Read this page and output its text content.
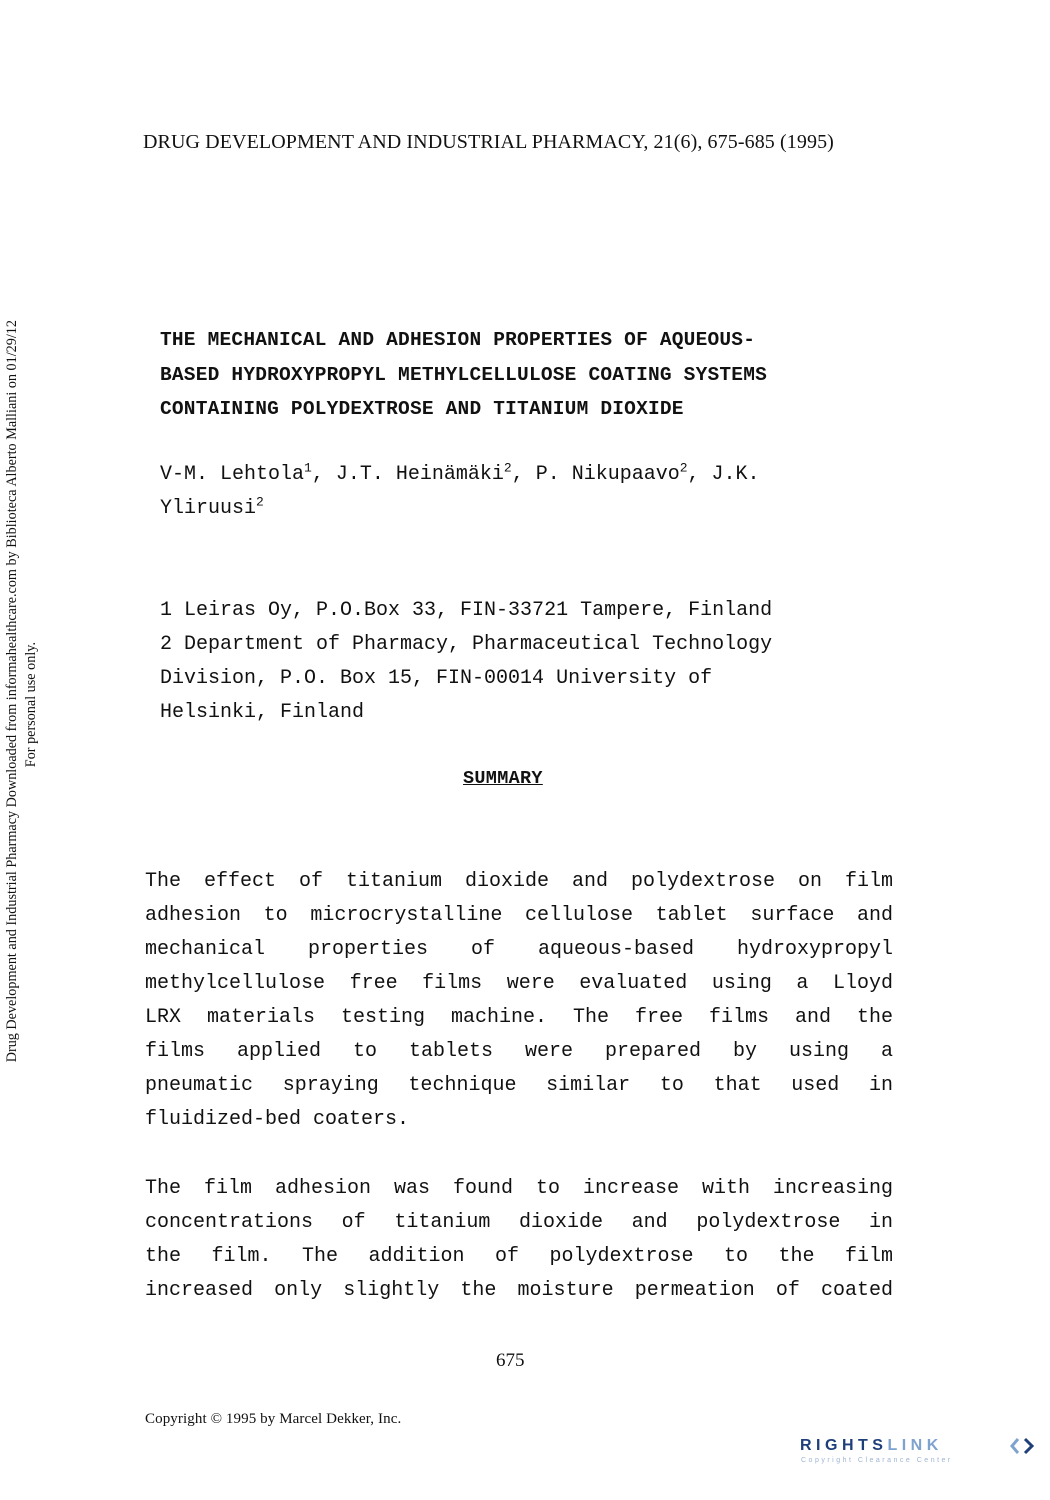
DRUG DEVELOPMENT AND INDUSTRIAL PHARMACY, 21(6), 675-685 (1995)
Drug Development and Industrial Pharmacy Downloaded from informahealthcare.com by Biblioteca Alberto Malliani on 01/29/12 For personal use only.
THE MECHANICAL AND ADHESION PROPERTIES OF AQUEOUS-
BASED HYDROXYPROPYL METHYLCELLULOSE COATING SYSTEMS
CONTAINING POLYDEXTROSE AND TITANIUM DIOXIDE
V-M. Lehtola$^1$, J.T. Heinämäki$^2$, P. Nikupaavo$^2$, J.K.
Yliruusi$^2$
1 Leiras Oy, P.O.Box 33, FIN-33721 Tampere, Finland
2 Department of Pharmacy, Pharmaceutical Technology
Division, P.O. Box 15, FIN-00014 University of
Helsinki, Finland
SUMMARY
The effect of titanium dioxide and polydextrose on film
adhesion to microcrystalline cellulose tablet surface and
mechanical properties of aqueous-based hydroxypropyl
methylcellulose free films were evaluated using a Lloyd
LRX materials testing machine. The free films and the
films applied to tablets were prepared by using a
pneumatic spraying technique similar to that used in
fluidized-bed coaters.
The film adhesion was found to increase with increasing
concentrations of titanium dioxide and polydextrose in
the film. The addition of polydextrose to the film
increased only slightly the moisture permeation of coated
675
Copyright © 1995 by Marcel Dekker, Inc.
RIGHTSLINK
Copyright Clearance Center
